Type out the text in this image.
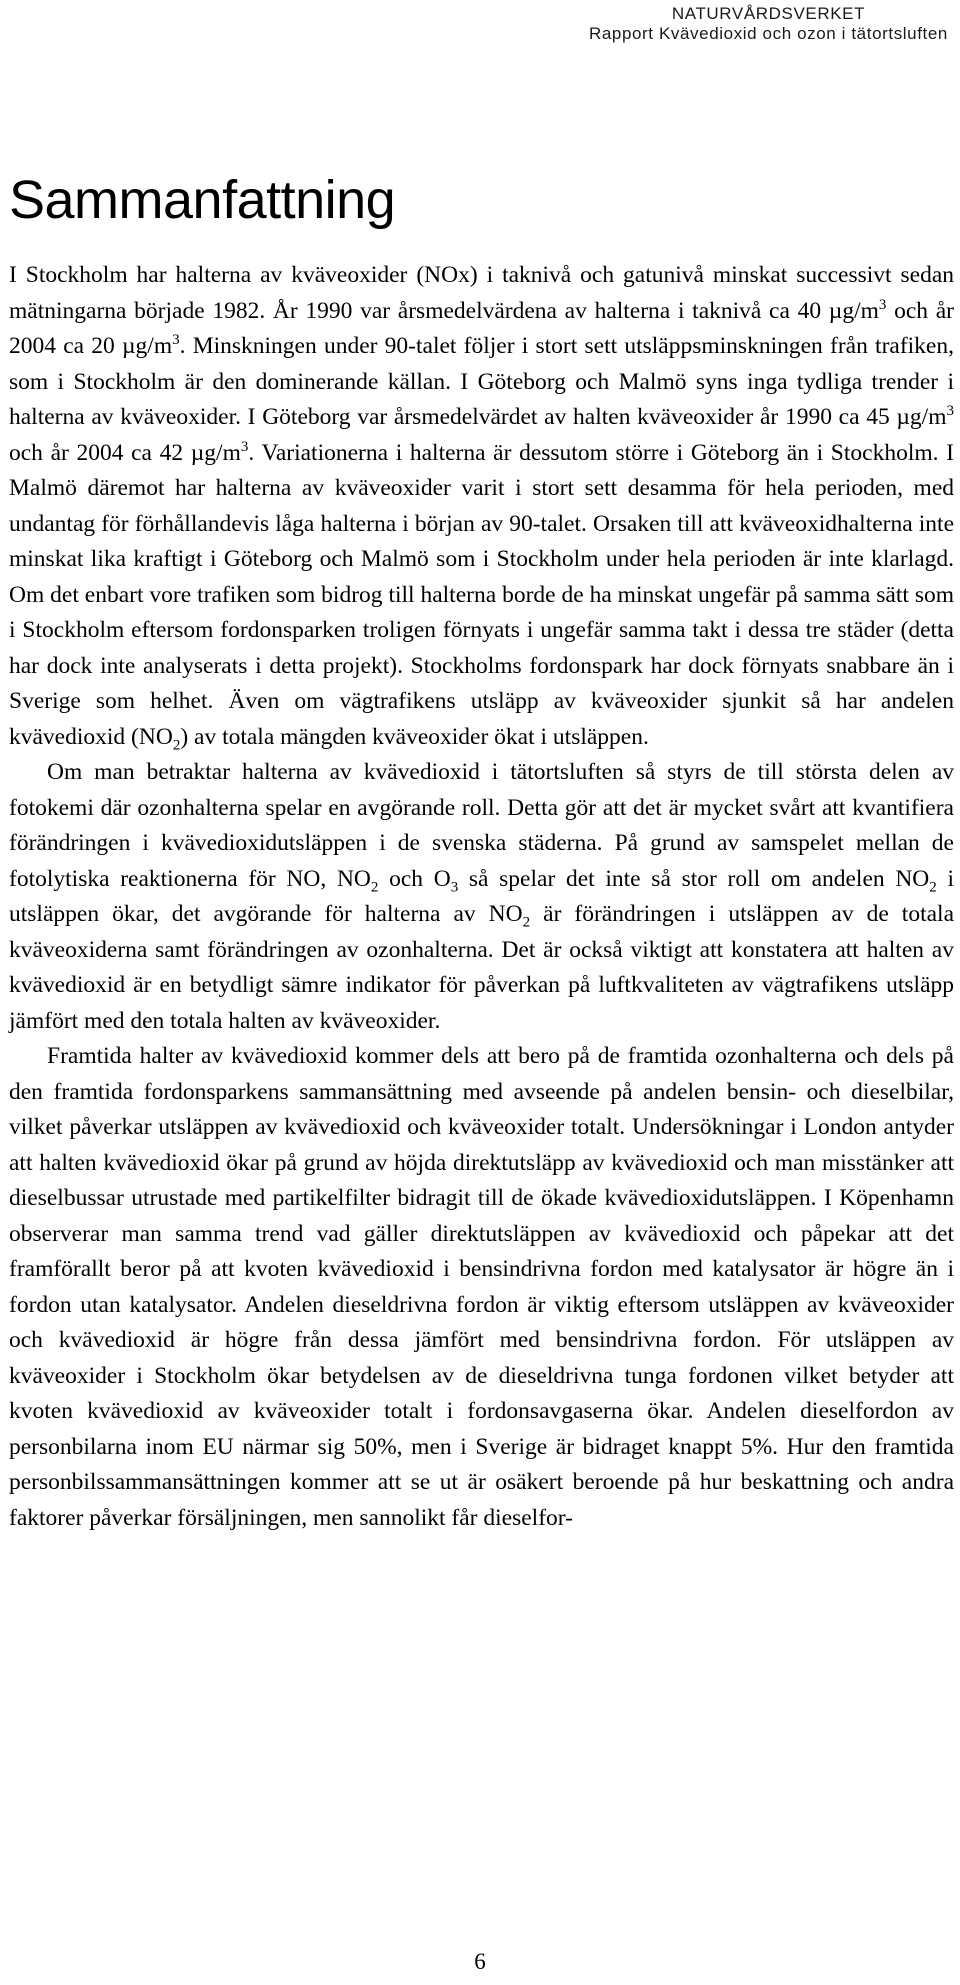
NATURVÅRDSVERKET
Rapport Kvävedioxid och ozon i tätortsluften
Sammanfattning

I Stockholm har halterna av kväveoxider (NOx) i taknivå och gatunivå minskat successivt sedan mätningarna började 1982. År 1990 var årsmedelvärdena av halterna i taknivå ca 40 $\mu g/m^3$ och år 2004 ca 20 $\mu g/m^3$. Minskningen under 90-talet följer i stort sett utsläppsminskningen från trafiken, som i Stockholm är den dominerande källan. I Göteborg och Malmö syns inga tydliga trender i halterna av kväveoxider. I Göteborg var årsmedelvärdet av halten kväveoxider år 1990 ca 45 $\mu g/m^3$ och år 2004 ca 42 $\mu g/m^3$. Variationerna i halterna är dessutom större i Göteborg än i Stockholm. I Malmö däremot har halterna av kväveoxider varit i stort sett desamma för hela perioden, med undantag för förhållandevis låga halterna i början av 90-talet. Orsaken till att kväveoxidhalterna inte minskat lika kraftigt i Göteborg och Malmö som i Stockholm under hela perioden är inte klarlagd. Om det enbart vore trafiken som bidrog till halterna borde de ha minskat ungefär på samma sätt som i Stockholm eftersom fordonsparken troligen förnyats i ungefär samma takt i dessa tre städer (detta har dock inte analyserats i detta projekt). Stockholms fordonspark har dock förnyats snabbare än i Sverige som helhet. Även om vägtrafikens utsläpp av kväveoxider sjunkit så har andelen kvävedioxid $(NO_2)$ av totala mängden kväveoxider ökat i utsläppen.

Om man betraktar halterna av kvävedioxid i tätortsluften så styrs de till största delen av fotokemi där ozonhalterna spelar en avgörande roll. Detta gör att det är mycket svårt att kvantifiera förändringen i kvävedioxidutsläppen i de svenska städerna. På grund av samspelet mellan de fotolytiska reaktionerna för NO, $NO_2$ och $O_3$ så spelar det inte så stor roll om andelen $NO_2$ i utsläppen ökar, det avgörande för halterna av $NO_2$ är förändringen i utsläppen av de totala kväveoxiderna samt förändringen av ozonhalterna. Det är också viktigt att konstatera att halten av kvävedioxid är en betydligt sämre indikator för påverkan på luftkvaliteten av vägtrafikens utsläpp jämfört med den totala halten av kväveoxider.

Framtida halter av kvävedioxid kommer dels att bero på de framtida ozonhalterna och dels på den framtida fordonsparkens sammansättning med avseende på andelen bensin- och dieselbilar, vilket påverkar utsläppen av kvävedioxid och kväveoxider totalt. Undersökningar i London antyder att halten kvävedioxid ökar på grund av höjda direktutsläpp av kvävedioxid och man misstänker att dieselbussar utrustade med partikelfilter bidragit till de ökade kvävedioxidutsläppen. I Köpenhamn observerar man samma trend vad gäller direktutsläppen av kvävedioxid och påpekar att det framförallt beror på att kvoten kvävedioxid i bensindrivna fordon med katalysator är högre än i fordon utan katalysator. Andelen dieseldrivna fordon är viktig eftersom utsläppen av kväveoxider och kvävedioxid är högre från dessa jämfört med bensindrivna fordon. För utsläppen av kväveoxider i Stockholm ökar betydelsen av de dieseldrivna tunga fordonen vilket betyder att kvoten kvävedioxid av kväveoxider totalt i fordonsavgaserna ökar. Andelen dieselfordon av personbilarna inom EU närmar sig 50%, men i Sverige är bidraget knappt 5%. Hur den framtida personbilssammansättningen kommer att se ut är osäkert beroende på hur beskattning och andra faktorer påverkar försäljningen, men sannolikt får dieselfor-

6
